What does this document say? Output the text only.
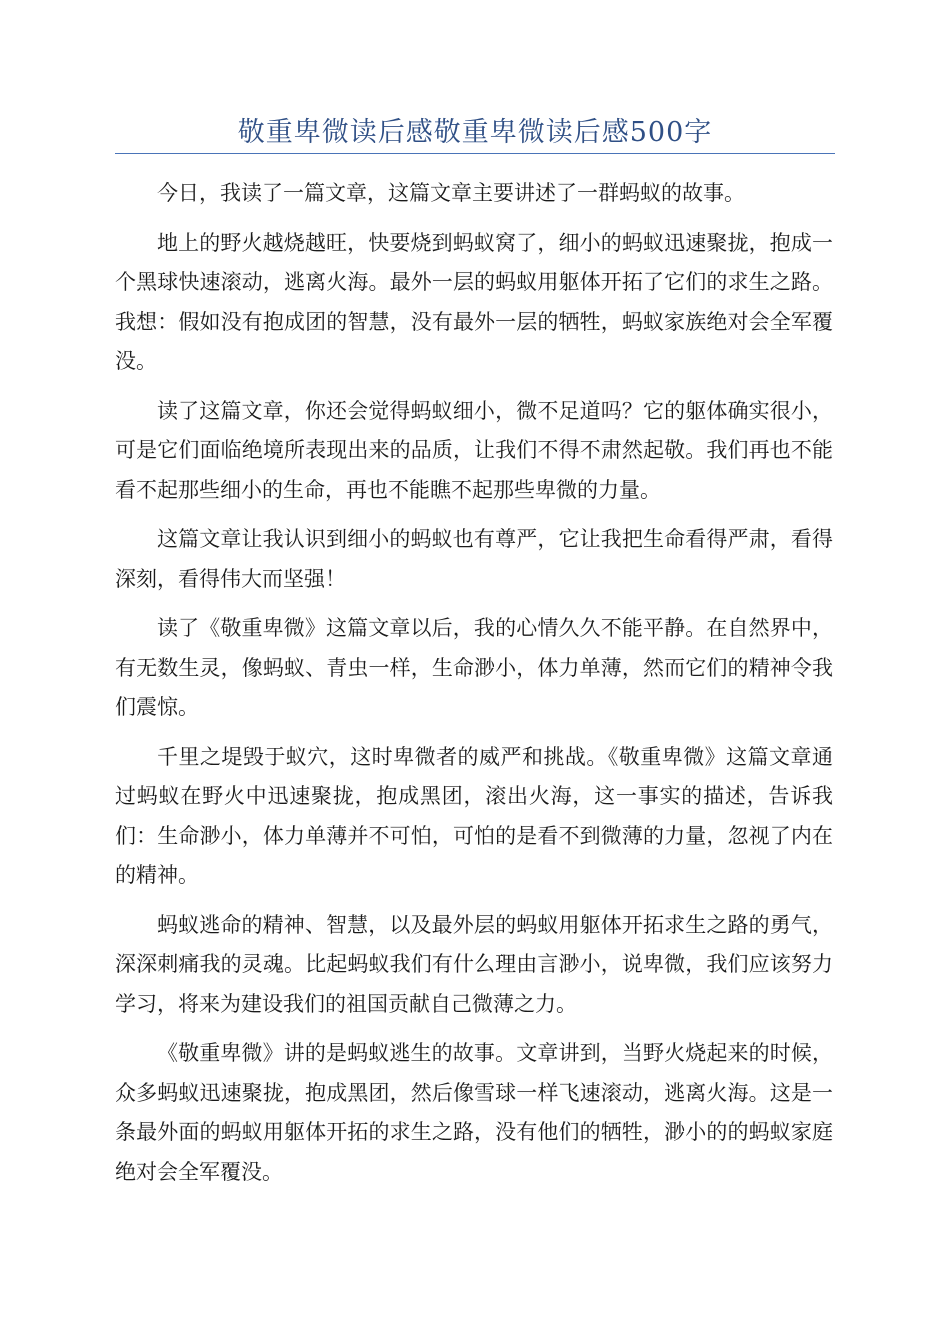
敬重卑微读后感敬重卑微读后感500字

今日，我读了一篇文章，这篇文章主要讲述了一群蚂蚁的故事。

地上的野火越烧越旺，快要烧到蚂蚁窝了，细小的蚂蚁迅速聚拢，抱成一个黑球快速滚动，逃离火海。最外一层的蚂蚁用躯体开拓了它们的求生之路。我想：假如没有抱成团的智慧，没有最外一层的牺牲，蚂蚁家族绝对会全军覆没。

读了这篇文章，你还会觉得蚂蚁细小，微不足道吗？它的躯体确实很小，可是它们面临绝境所表现出来的品质，让我们不得不肃然起敬。我们再也不能看不起那些细小的生命，再也不能瞧不起那些卑微的力量。

这篇文章让我认识到细小的蚂蚁也有尊严，它让我把生命看得严肃，看得深刻，看得伟大而坚强！

读了《敬重卑微》这篇文章以后，我的心情久久不能平静。在自然界中，有无数生灵，像蚂蚁、青虫一样，生命渺小，体力单薄，然而它们的精神令我们震惊。

千里之堤毁于蚁穴，这时卑微者的威严和挑战。《敬重卑微》这篇文章通过蚂蚁在野火中迅速聚拢，抱成黑团，滚出火海，这一事实的描述，告诉我们：生命渺小，体力单薄并不可怕，可怕的是看不到微薄的力量，忽视了内在的精神。

蚂蚁逃命的精神、智慧，以及最外层的蚂蚁用躯体开拓求生之路的勇气，深深刺痛我的灵魂。比起蚂蚁我们有什么理由言渺小，说卑微，我们应该努力学习，将来为建设我们的祖国贡献自己微薄之力。

《敬重卑微》讲的是蚂蚁逃生的故事。文章讲到，当野火烧起来的时候，众多蚂蚁迅速聚拢，抱成黑团，然后像雪球一样飞速滚动，逃离火海。这是一条最外面的蚂蚁用躯体开拓的求生之路，没有他们的牺牲，渺小的的蚂蚁家庭绝对会全军覆没。
